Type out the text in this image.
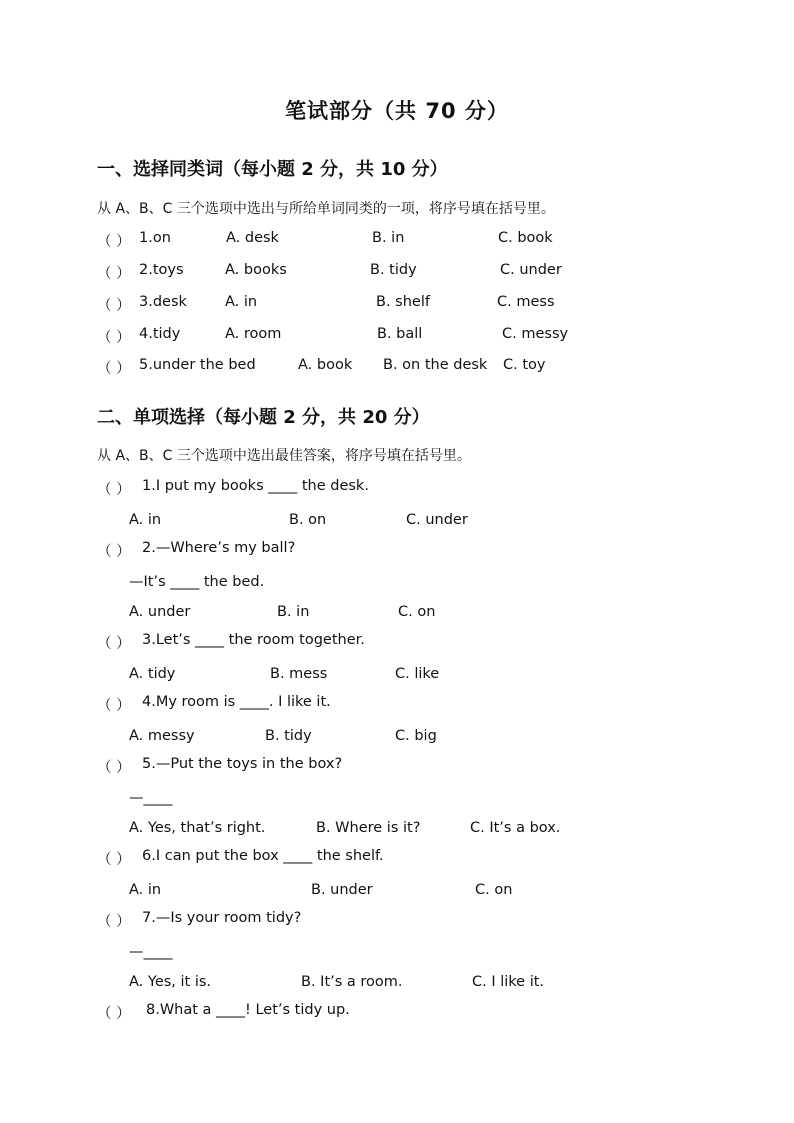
笔试部分（共 70 分）
一、选择同类词（每小题 2 分，共 10 分）
从 A、B、C 三个选项中选出与所给单词同类的一项，将序号填在括号里。
（ ） 1.on	A. desk	B. in	C. book
（ ） 2.toys	A. books	B. tidy	C. under
（ ） 3.desk	A. in	B. shelf	C. mess
（ ） 4.tidy	A. room	B. ball	C. messy
（ ） 5.under the bed	A. book B. on the desk C. toy
二、单项选择（每小题 2 分，共 20 分）
从 A、B、C 三个选项中选出最佳答案，将序号填在括号里。
（ ） 1.I put my books ____ the desk.
A. in	B. on	C. under
（ ） 2.—Where’s my ball?
—It’s ____ the bed.
A. under	B. in	C. on
（ ） 3.Let’s ____ the room together.
A. tidy	B. mess	C. like
（ ） 4.My room is ____. I like it.
A. messy	B. tidy	C. big
（ ） 5.—Put the toys in the box?
—____
A. Yes, that’s right.	B. Where is it?	C. It’s a box.
（ ） 6.I can put the box ____ the shelf.
A. in	B. under	C. on
（ ） 7.—Is your room tidy?
—____
A. Yes, it is.	B. It’s a room.	C. I like it.
（ ） 8.What a ____! Let’s tidy up.
